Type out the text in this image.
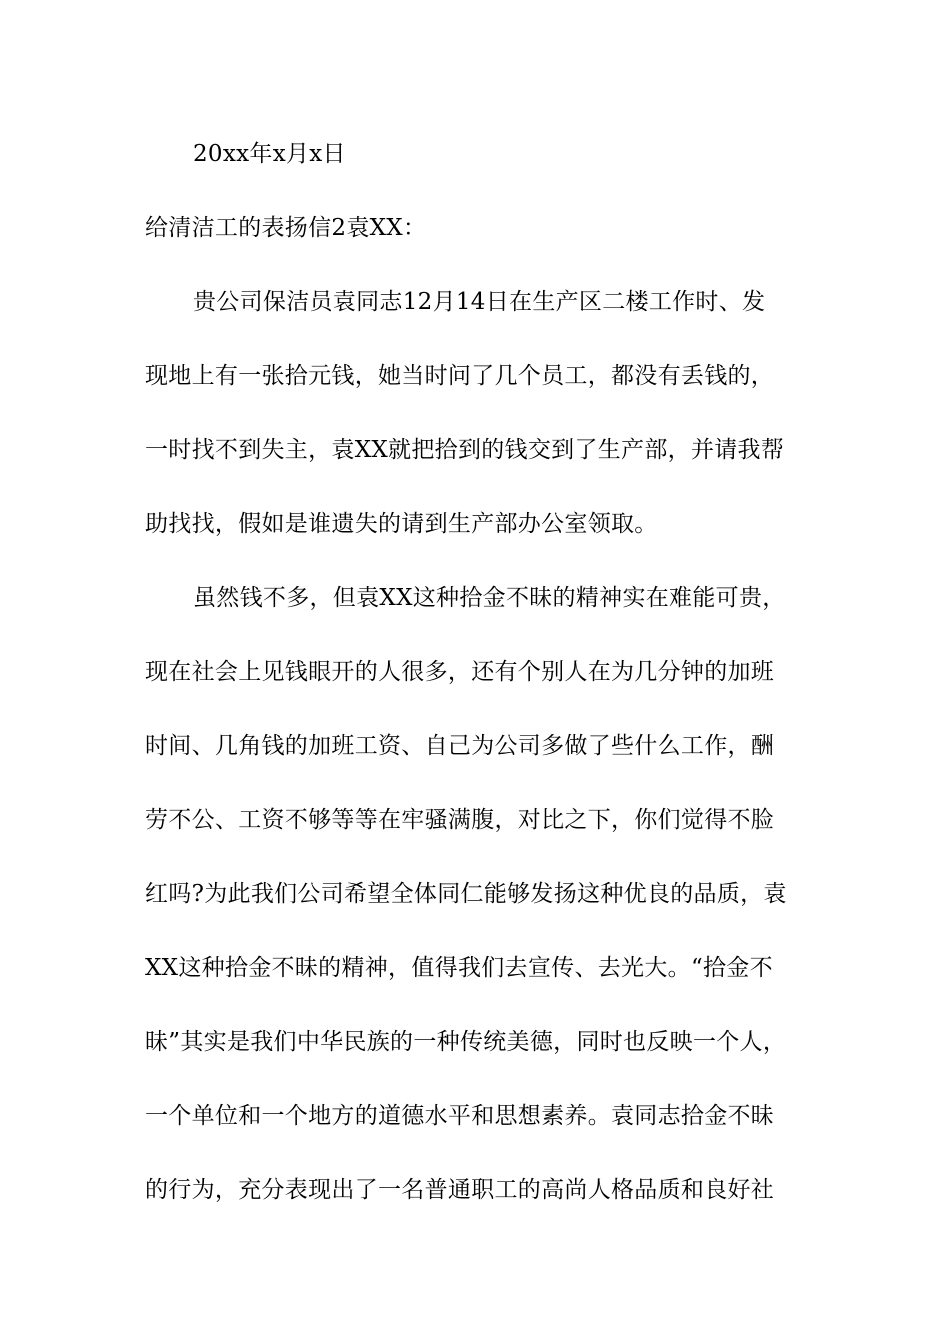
20xx年x月x日
给清洁工的表扬信2袁XX：
贵公司保洁员袁同志12月14日在生产区二楼工作时、发
现地上有一张拾元钱，她当时问了几个员工，都没有丢钱的，
一时找不到失主，袁XX就把拾到的钱交到了生产部，并请我帮
助找找，假如是谁遗失的请到生产部办公室领取。
虽然钱不多，但袁XX这种拾金不昧的精神实在难能可贵，
现在社会上见钱眼开的人很多，还有个别人在为几分钟的加班
时间、几角钱的加班工资、自己为公司多做了些什么工作，酬
劳不公、工资不够等等在牢骚满腹，对比之下，你们觉得不脸
红吗?为此我们公司希望全体同仁能够发扬这种优良的品质，袁
XX这种拾金不昧的精神，值得我们去宣传、去光大。“拾金不
昧”其实是我们中华民族的一种传统美德，同时也反映一个人，
一个单位和一个地方的道德水平和思想素养。袁同志拾金不昧
的行为，充分表现出了一名普通职工的高尚人格品质和良好社
